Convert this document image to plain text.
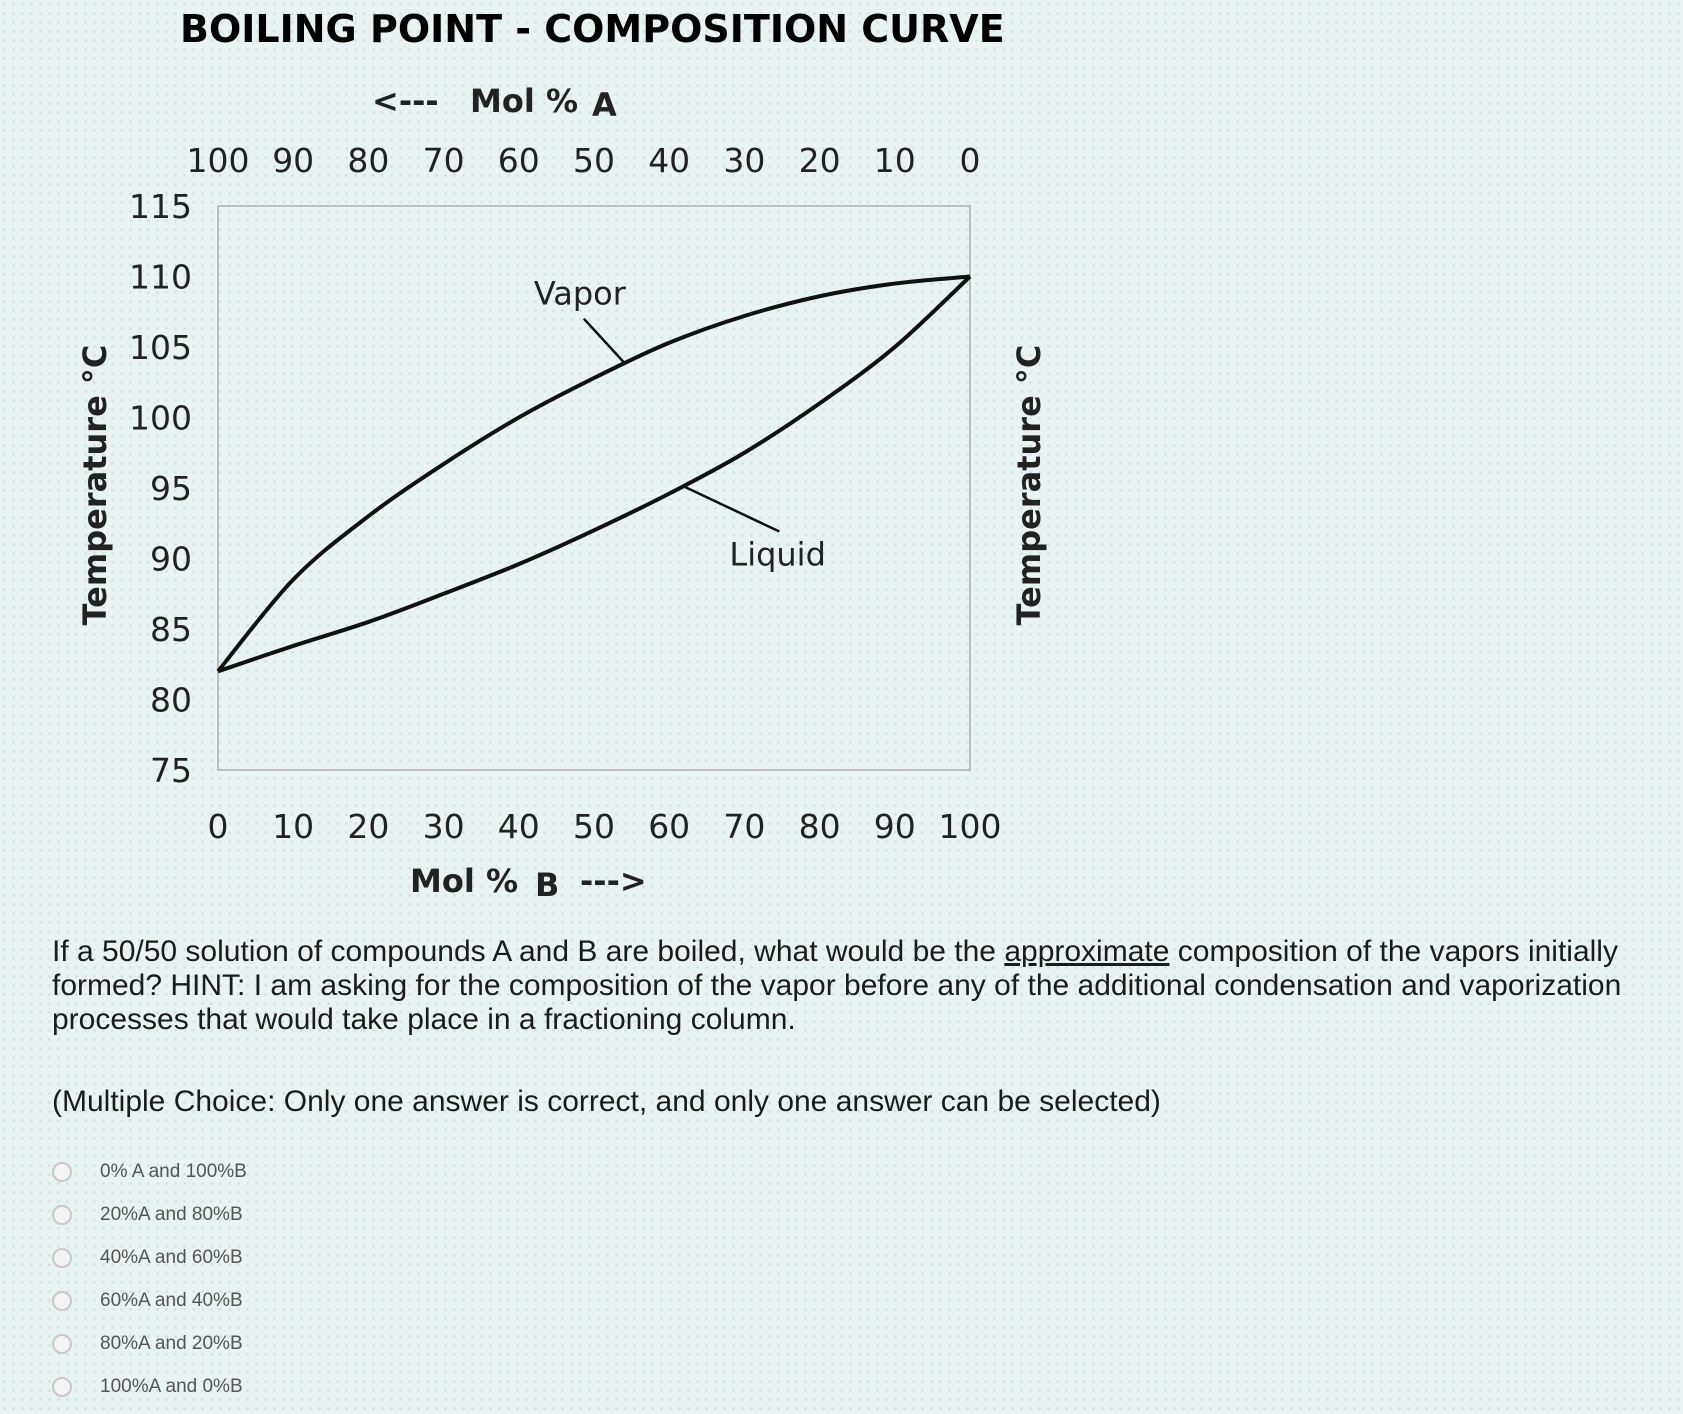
BOILING POINT - COMPOSITION CURVE
<--- Mol % A
100 90 80 70 60 50 40 30 20 10 0
0 10 20 30 40 50 60 70 80 90 100
115
110
105
100
95
90
85
80
75
Vapor
Liquid
Temperature °C	Temperature °C
Mol % B --->
If a 50/50 solution of compounds A and B are boiled, what would be the approximate composition of the vapors initially formed? HINT: I am asking for the composition of the vapor before any of the additional condensation and vaporization processes that would take place in a fractioning column.
(Multiple Choice: Only one answer is correct, and only one answer can be selected)
0% A and 100%B
20%A and 80%B
40%A and 60%B
60%A and 40%B
80%A and 20%B
100%A and 0%B
